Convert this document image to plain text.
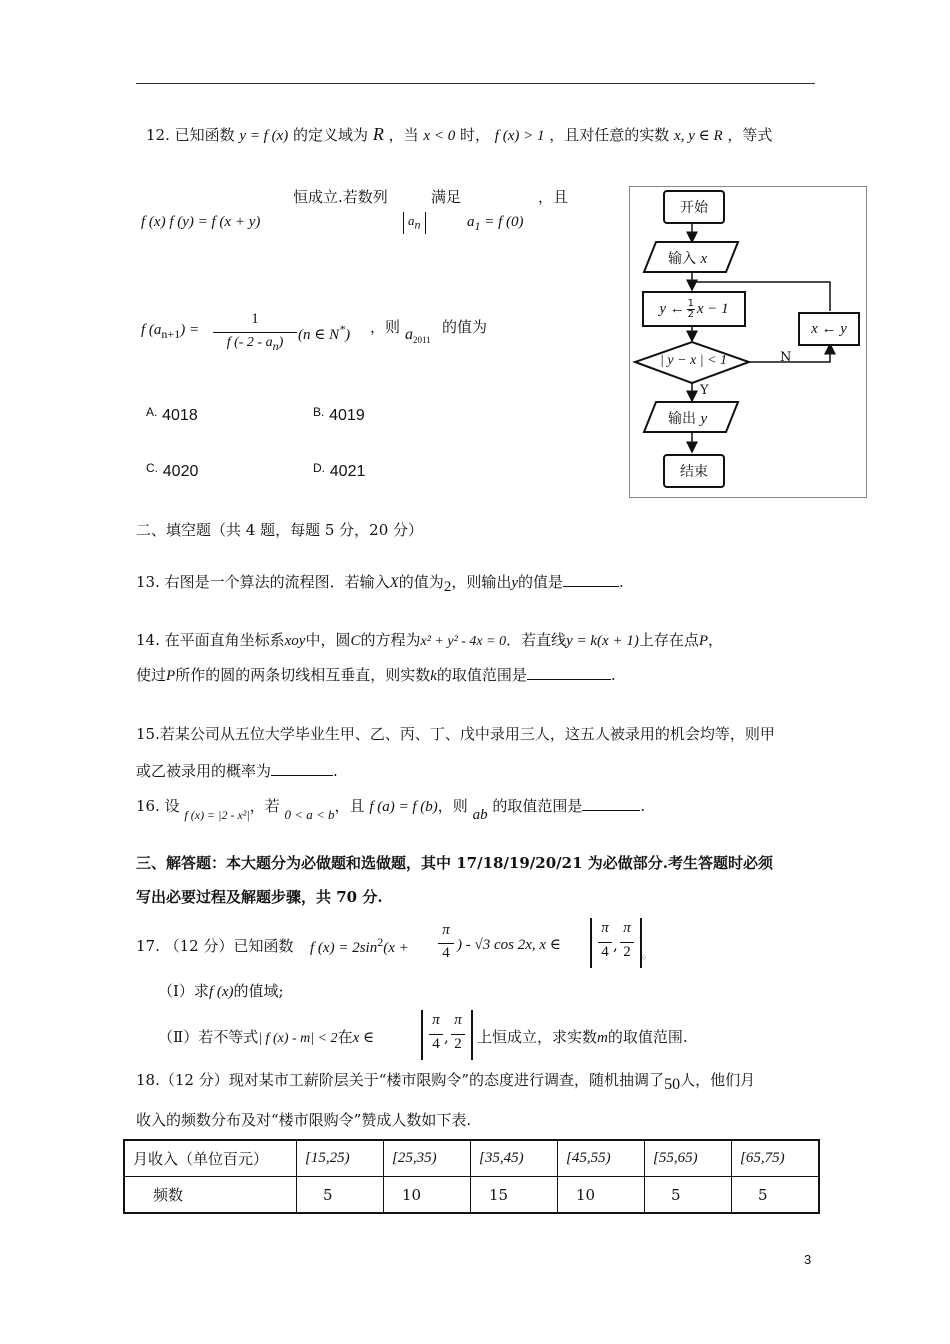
12. 已知函数 y = f (x) 的定义域为 R ，当 x < 0 时， f (x) > 1 ，且对任意的实数 x, y ∈ R ，等式
恒成立.若数列	满足	，且
f (x) f (y) = f (x + y)	$a_n$	$a_1 = f$ (0)
f $(a_{n+1})$ =
1
f (- $2 - a_n$) (n ∈ N*) ，则 $a_{2011}$
的值为
$^{A.}$ 4018	$^{B.}$ 4019
$^{C.}$ 4020	$^{D.}$ 4021
开始
输入 x
y ← 1
2 x − 1
x ← y
| y − x | < 1	N
Y
输出 y
结束
二、填空题（共 4 题，每题 5 分，20 分）
13. 右图是一个算法的流程图．若输入X的值为2，则输出y的值是	.
14. 在平面直角坐标系xoy中，圆C的方程为x² + y² - 4x = 0．若直线y = k(x + 1)上存在点P，
使过P所作的圆的两条切线相互垂直，则实数k的取值范围是	.
15.若某公司从五位大学毕业生甲、乙、丙、丁、戊中录用三人，这五人被录用的机会均等，则甲
或乙被录用的概率为	.
16. 设 $_{f (x) = |2 - x^2|}$，若 0 < a < b，且 f (a) = f (b)，则 ab 的取值范围是	.
三、解答题：本大题分为必做题和选做题，其中 17/18/19/20/21 为必做部分.考生答题时必须
写出必要过程及解题步骤，共 70 分.
17. （12 分）已知函数 f $(x) = 2\sin^2(x$ +
π
4 ) - √3 cos 2x, x ∈
π
4 ,
π
2 。
（Ⅰ）求f (x)的值域;
（Ⅱ）若不等式| f (x) - m| < 2在x ∈
π
4 ,
π
2 上恒成立，求实数m的取值范围.
18.（12 分）现对某市工薪阶层关于“楼市限购令”的态度进行调查，随机抽调了50人，他们月
收入的频数分布及对“楼市限购令”赞成人数如下表.
月收入（单位百元）	[15,25)	[25,35)	[35,45)	[45,55)	[55,65)	[65,75)
频数	5	10	15	10	5	5
3
